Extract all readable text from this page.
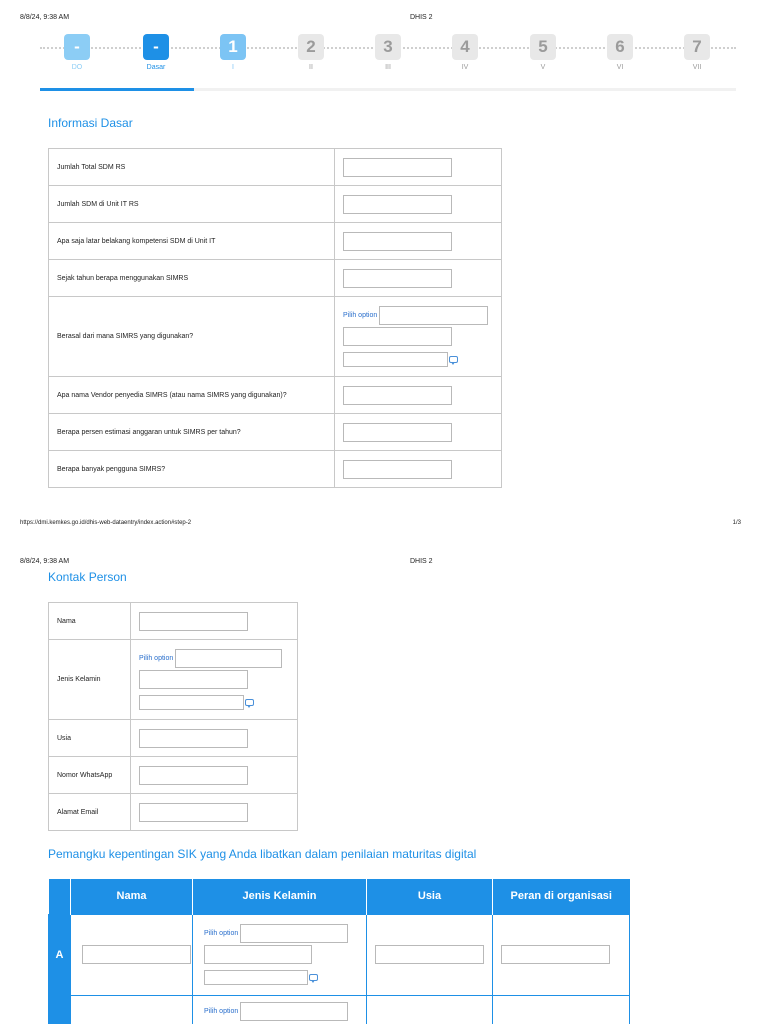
8/8/24, 9:38 AM	DHIS 2
-
DO
-
Dasar
1
I
2
II
3
III
4
IV
5
V
6
VI
7
VII
Informasi Dasar
Jumlah Total SDM RS	

Jumlah SDM di Unit IT RS	

Apa saja latar belakang kompetensi SDM di Unit IT	

Sejak tahun berapa menggunakan SIMRS	

Berasal dari mana SIMRS yang digunakan?	Pilih option

Apa nama Vendor penyedia SIMRS (atau nama SIMRS yang digunakan)?	

Berapa persen estimasi anggaran untuk SIMRS per tahun?	

Berapa banyak pengguna SIMRS?	
https://dmi.kemkes.go.id/dhis-web-dataentry/index.action#step-2	1/3
8/8/24, 9:38 AM	DHIS 2
Kontak Person
Nama	

Jenis Kelamin	Pilih option

Usia	

Nomor WhatsApp	

Alamat Email	
Pemangku kepentingan SIK yang Anda libatkan dalam penilaian maturitas digital
	Nama	Jenis Kelamin	Usia	Peran di organisasi
A		Pilih option		

		Pilih option		
